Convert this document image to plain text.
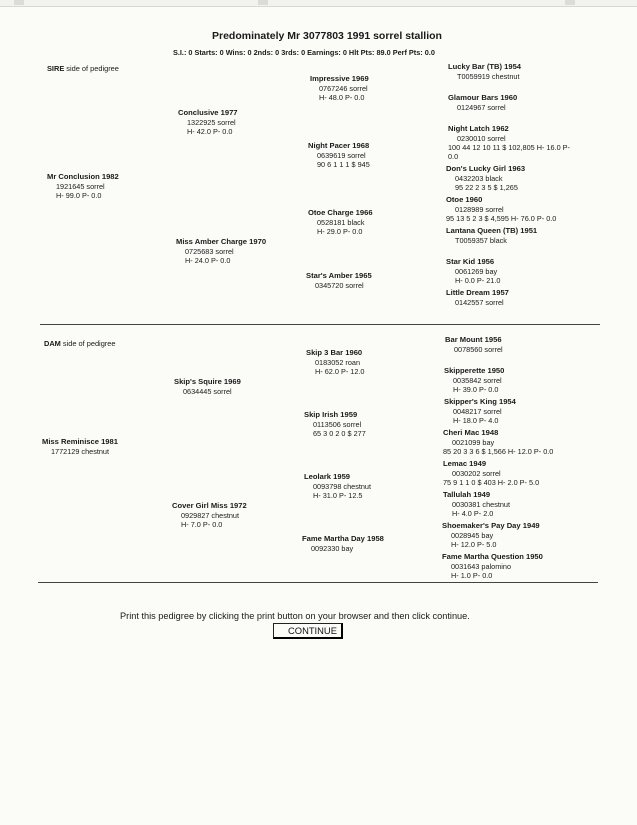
Predominately Mr 3077803 1991 sorrel stallion
S.I.: 0 Starts: 0 Wins: 0 2nds: 0 3rds: 0 Earnings: 0 Hlt Pts: 89.0 Perf Pts: 0.0
SIRE side of pedigree
Mr Conclusion 1982
1921645 sorrel
H- 99.0 P- 0.0
Conclusive 1977
1322925 sorrel
H- 42.0 P- 0.0
Miss Amber Charge 1970
0725683 sorrel
H- 24.0 P- 0.0
Impressive 1969
0767246 sorrel
H- 48.0 P- 0.0
Night Pacer 1968
0639619 sorrel
90 6 1 1 1 $ 945
Otoe Charge 1966
0528181 black
H- 29.0 P- 0.0
Star's Amber 1965
0345720 sorrel
Lucky Bar (TB) 1954
T0059919 chestnut
Glamour Bars 1960
0124967 sorrel
Night Latch 1962
0230010 sorrel
100 44 12 10 11 $ 102,805 H- 16.0 P-
0.0
Don's Lucky Girl 1963
0432203 black
95 22 2 3 5 $ 1,265
Otoe 1960
0128989 sorrel
95 13 5 2 3 $ 4,595 H- 76.0 P- 0.0
Lantana Queen (TB) 1951
T0059357 black
Star Kid 1956
0061269 bay
H- 0.0 P- 21.0
Little Dream 1957
0142557 sorrel
DAM side of pedigree
Miss Reminisce 1981
1772129 chestnut
Skip's Squire 1969
0634445 sorrel
Cover Girl Miss 1972
0929827 chestnut
H- 7.0 P- 0.0
Skip 3 Bar 1960
0183052 roan
H- 62.0 P- 12.0
Skip Irish 1959
0113506 sorrel
65 3 0 2 0 $ 277
Leolark 1959
0093798 chestnut
H- 31.0 P- 12.5
Fame Martha Day 1958
0092330 bay
Bar Mount 1956
0078560 sorrel
Skipperette 1950
0035842 sorrel
H- 39.0 P- 0.0
Skipper's King 1954
0048217 sorrel
H- 18.0 P- 4.0
Cheri Mac 1948
0021099 bay
85 20 3 3 6 $ 1,566 H- 12.0 P- 0.0
Lemac 1949
0030202 sorrel
75 9 1 1 0 $ 403 H- 2.0 P- 5.0
Tallulah 1949
0030381 chestnut
H- 4.0 P- 2.0
Shoemaker's Pay Day 1949
0028945 bay
H- 12.0 P- 5.0
Fame Martha Question 1950
0031643 palomino
H- 1.0 P- 0.0
Print this pedigree by clicking the print button on your browser and then click continue.
CONTINUE
